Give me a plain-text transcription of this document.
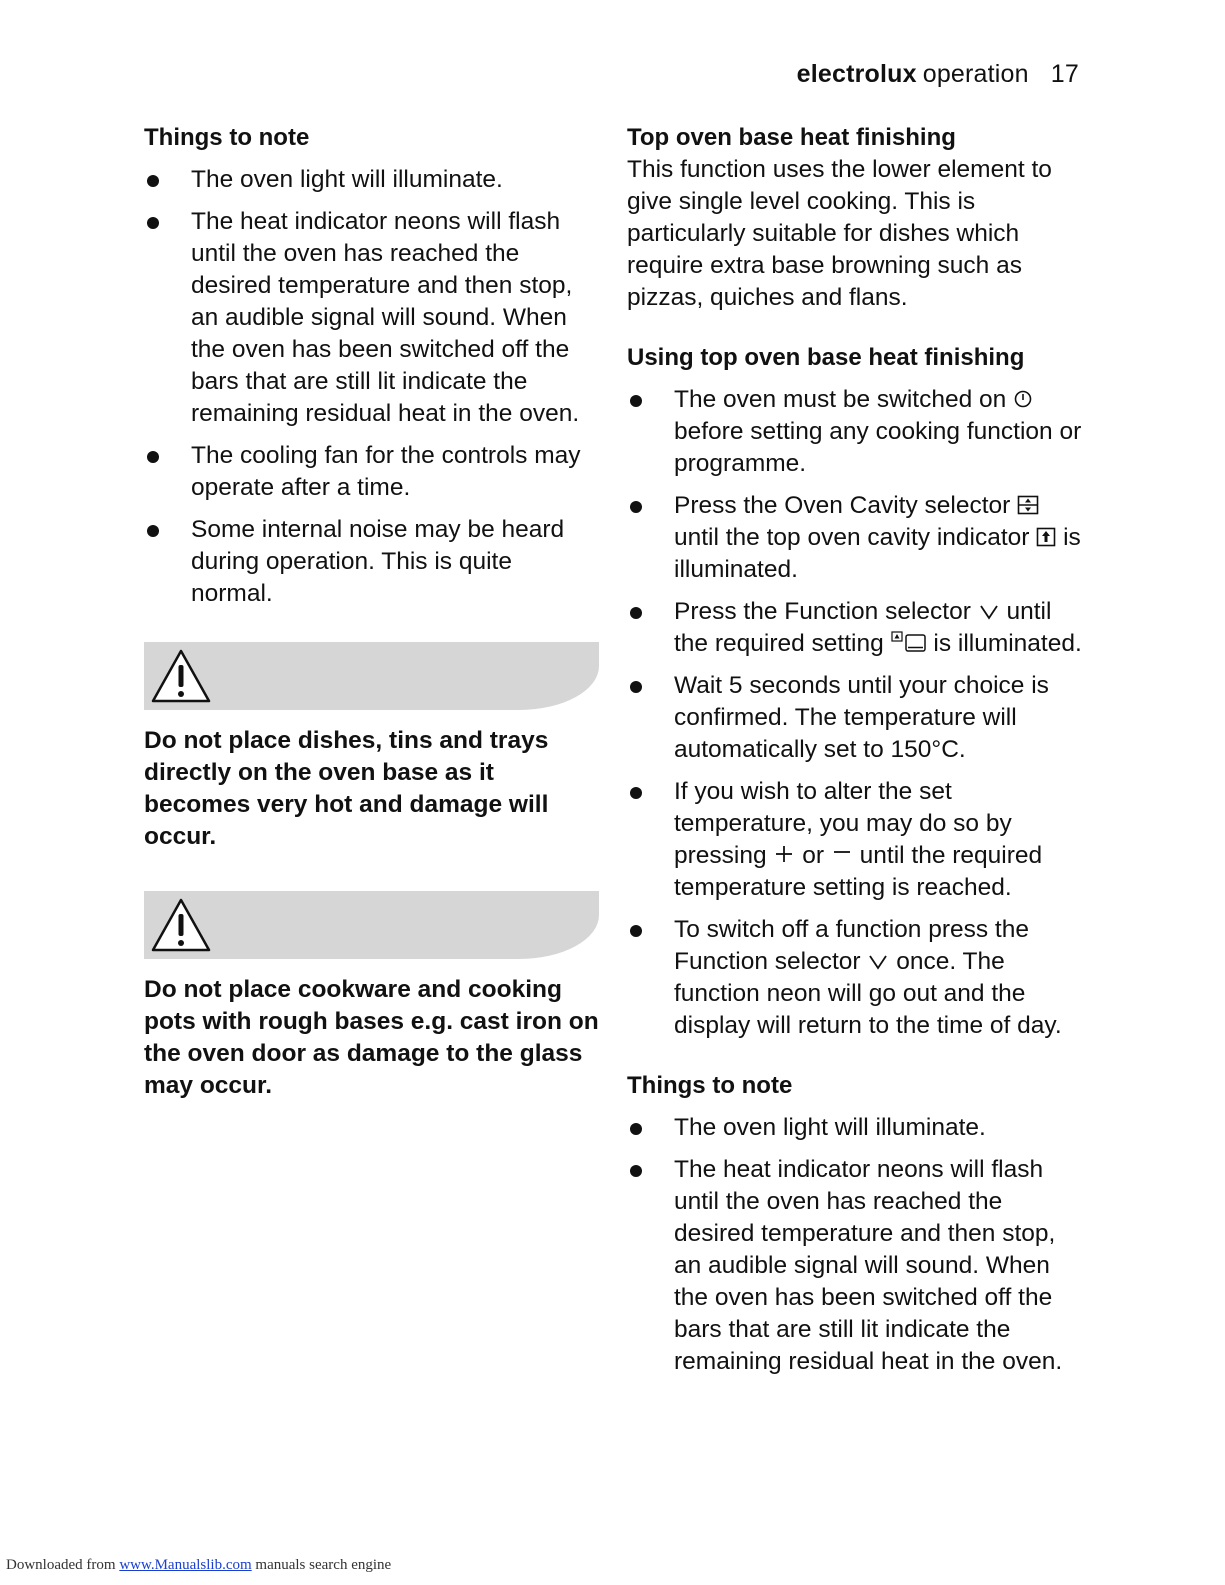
electrolux operation 17
Things to note
The oven light will illuminate.
The heat indicator neons will flash until the oven has reached the desired temperature and then stop, an audible signal will sound. When the oven has been switched off the bars that are still lit indicate the remaining residual heat in the oven.
The cooling fan for the controls may operate after a time.
Some internal noise may be heard during operation. This is quite normal.

Do not place dishes, tins and trays directly on the oven base as it becomes very hot and damage will occur.

Do not place cookware and cooking pots with rough bases e.g. cast iron on the oven door as damage to the glass may occur.

Top oven base heat finishing

This function uses the lower element to give single level cooking. This is particularly suitable for dishes which require extra base browning such as pizzas, quiches and flans.

Using top oven base heat finishing
The oven must be switched on  before setting any cooking function or programme.
Press the Oven Cavity selector  until the top oven cavity indicator is illuminated.
Press the Function selector until the required setting is illuminated.
Wait 5 seconds until your choice is confirmed. The temperature will automatically set to 150°C.
If you wish to alter the set temperature, you may do so by pressing or until the required temperature setting is reached.
To switch off a function press the Function selector once. The function neon will go out and the display will return to the time of day.
Things to note
The oven light will illuminate.
The heat indicator neons will flash until the oven has reached the desired temperature and then stop, an audible signal will sound. When the oven has been switched off the bars that are still lit indicate the remaining residual heat in the oven.
Downloaded from www.Manualslib.com manuals search engine
